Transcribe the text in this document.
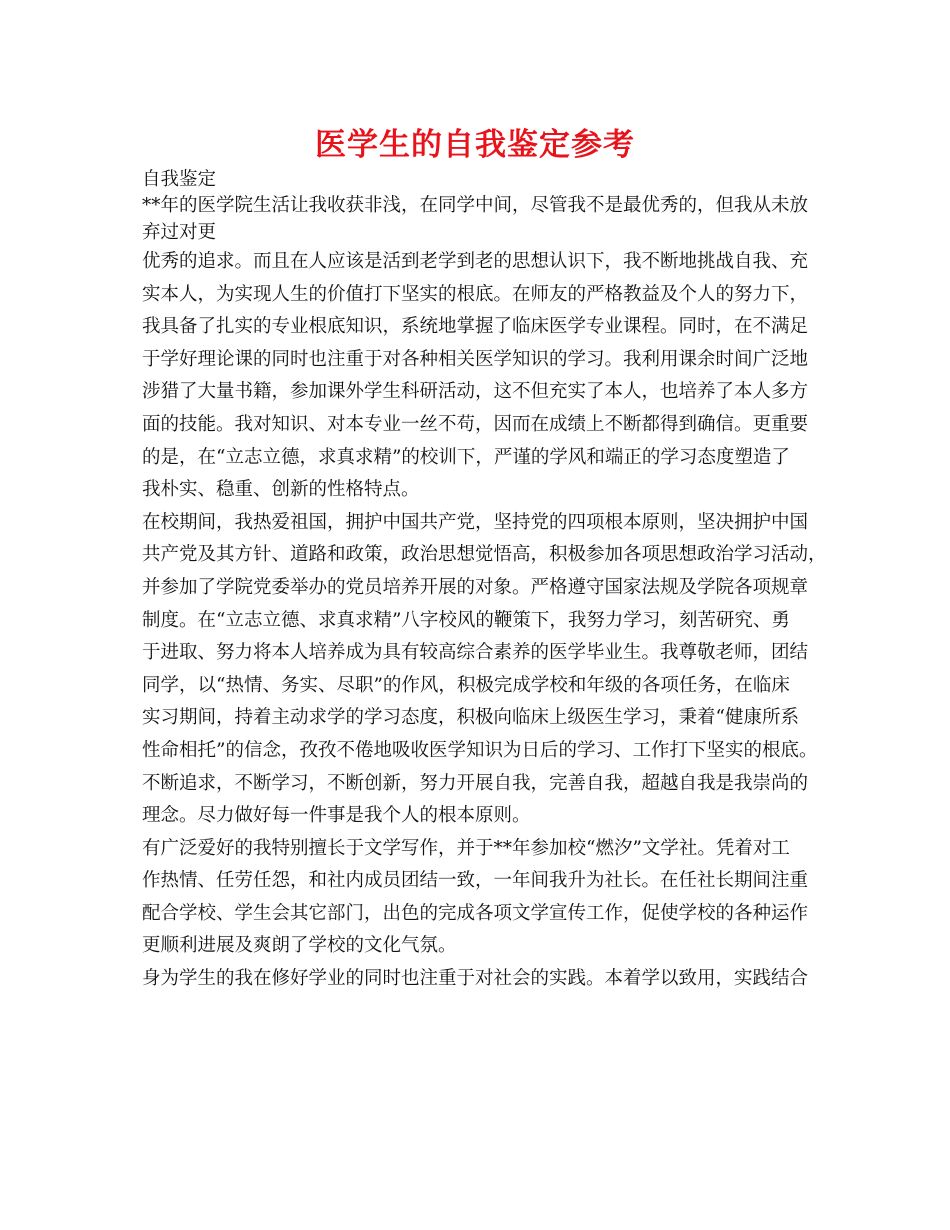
医学生的自我鉴定参考
自我鉴定
**年的医学院生活让我收获非浅，在同学中间，尽管我不是最优秀的，但我从未放
弃过对更
优秀的追求。而且在人应该是活到老学到老的思想认识下，我不断地挑战自我、充
实本人，为实现人生的价值打下坚实的根底。在师友的严格教益及个人的努力下，
我具备了扎实的专业根底知识，系统地掌握了临床医学专业课程。同时，在不满足
于学好理论课的同时也注重于对各种相关医学知识的学习。我利用课余时间广泛地
涉猎了大量书籍，参加课外学生科研活动，这不但充实了本人，也培养了本人多方
面的技能。我对知识、对本专业一丝不苟，因而在成绩上不断都得到确信。更重要
的是，在“立志立德，求真求精”的校训下，严谨的学风和端正的学习态度塑造了
我朴实、稳重、创新的性格特点。
在校期间，我热爱祖国，拥护中国共产党，坚持党的四项根本原则，坚决拥护中国
共产党及其方针、道路和政策，政治思想觉悟高，积极参加各项思想政治学习活动，
并参加了学院党委举办的党员培养开展的对象。严格遵守国家法规及学院各项规章
制度。在“立志立德、求真求精”八字校风的鞭策下，我努力学习，刻苦研究、勇
于进取、努力将本人培养成为具有较高综合素养的医学毕业生。我尊敬老师，团结
同学，以“热情、务实、尽职”的作风，积极完成学校和年级的各项任务，在临床
实习期间，持着主动求学的学习态度，积极向临床上级医生学习，秉着“健康所系
性命相托”的信念，孜孜不倦地吸收医学知识为日后的学习、工作打下坚实的根底。
不断追求，不断学习，不断创新，努力开展自我，完善自我，超越自我是我崇尚的
理念。尽力做好每一件事是我个人的根本原则。
有广泛爱好的我特别擅长于文学写作，并于**年参加校“燃汐”文学社。凭着对工
作热情、任劳任怨，和社内成员团结一致，一年间我升为社长。在任社长期间注重
配合学校、学生会其它部门，出色的完成各项文学宣传工作，促使学校的各种运作
更顺利进展及爽朗了学校的文化气氛。
身为学生的我在修好学业的同时也注重于对社会的实践。本着学以致用，实践结合
